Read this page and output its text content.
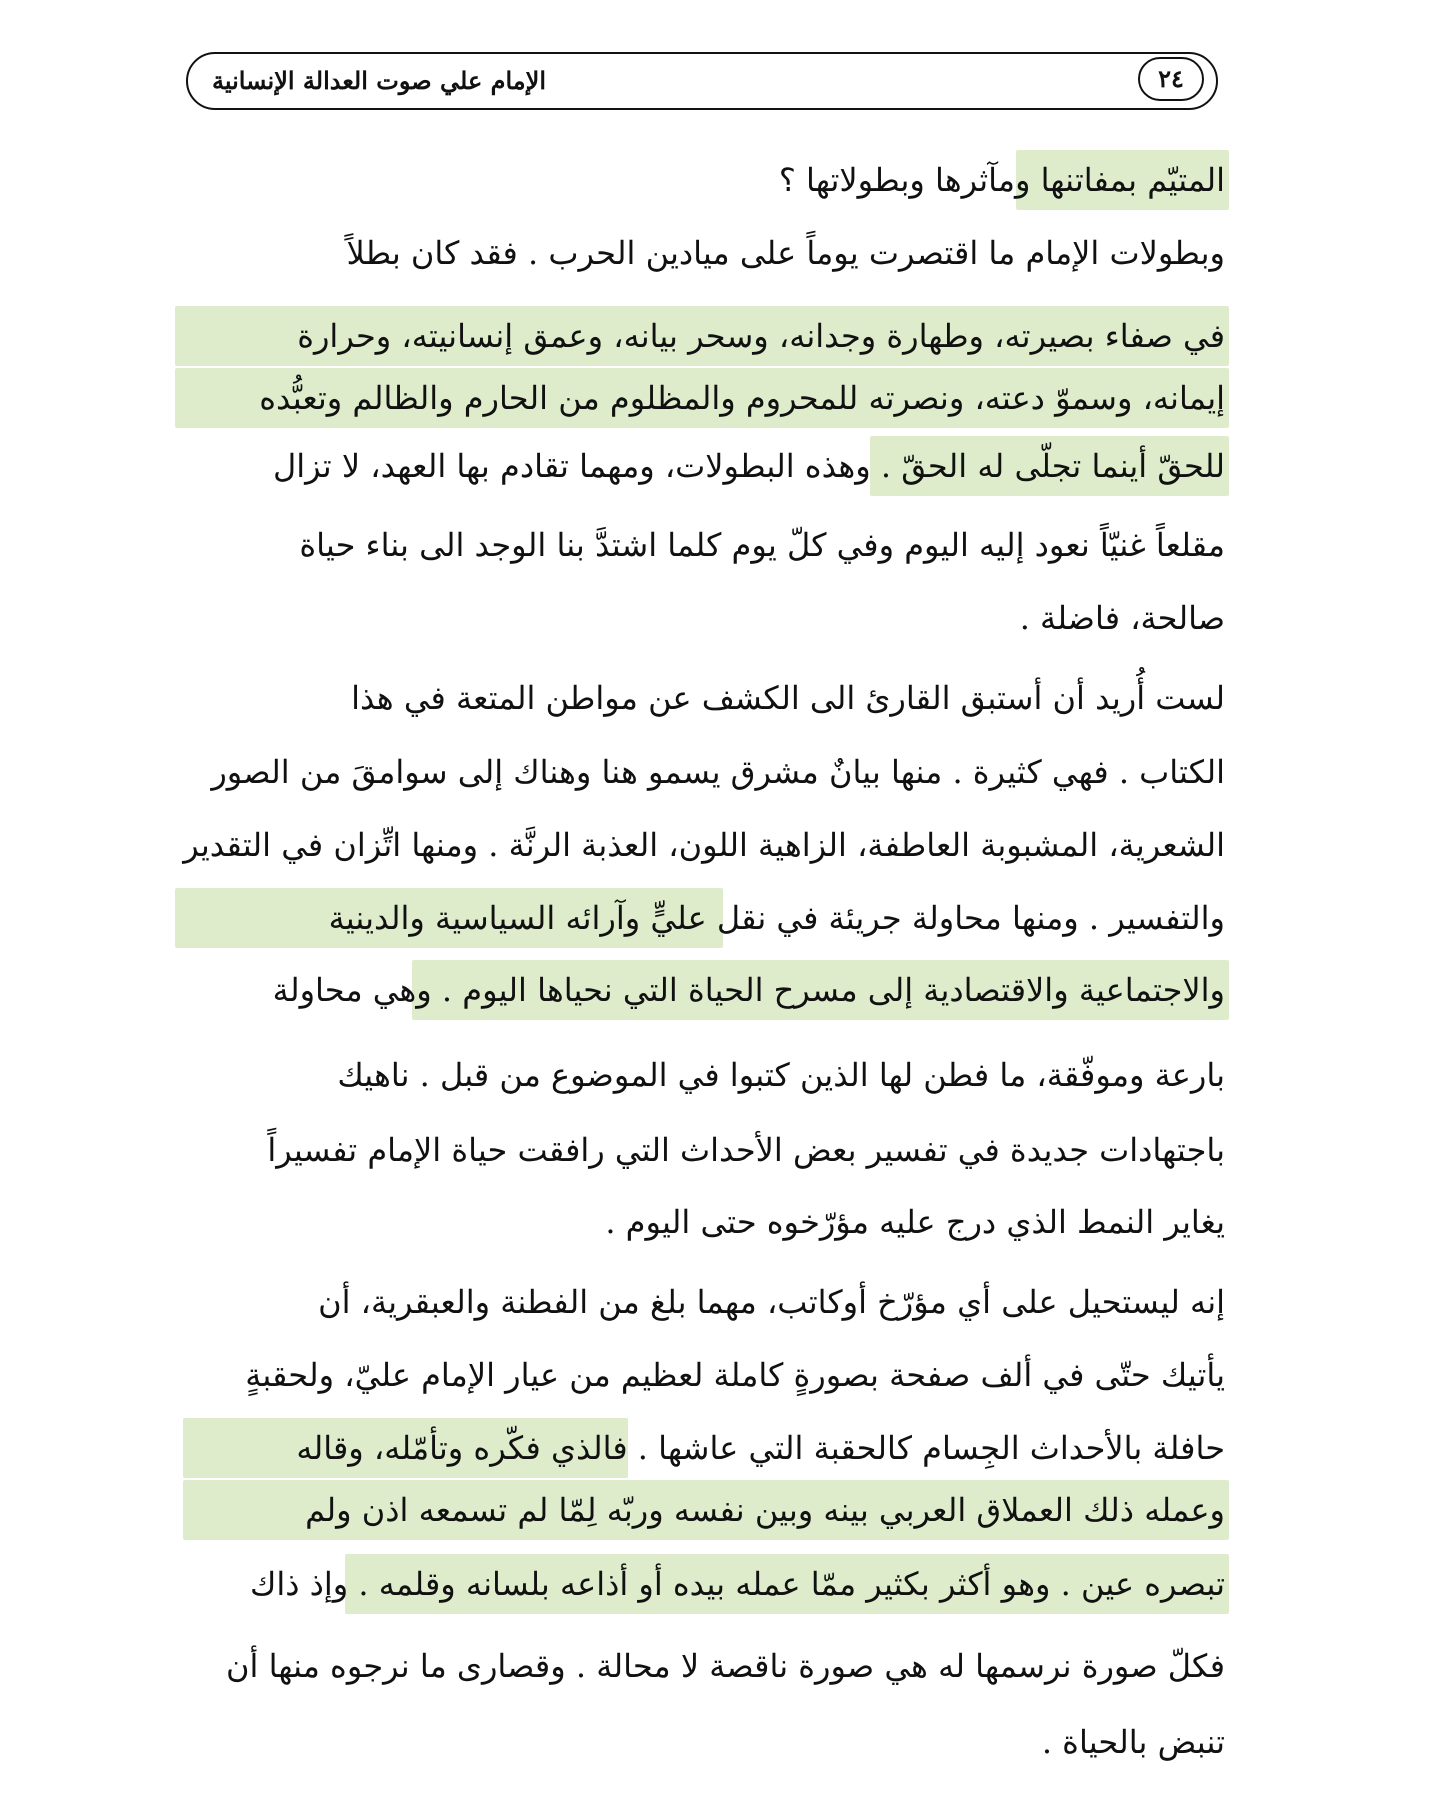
الإمام علي صوت العدالة الإنسانية	٢٤
المتيّم بمفاتنها ومآثرها وبطولاتها ؟
وبطولات الإمام ما اقتصرت يوماً على ميادين الحرب . فقد كان بطلاً
في صفاء بصيرته، وطهارة وجدانه، وسحر بيانه، وعمق إنسانيته، وحرارة
إيمانه، وسموّ دعته، ونصرته للمحروم والمظلوم من الحارم والظالم وتعبُّده
للحقّ أينما تجلّى له الحقّ . وهذه البطولات، ومهما تقادم بها العهد، لا تزال
مقلعاً غنيّاً نعود إليه اليوم وفي كلّ يوم كلما اشتدَّ بنا الوجد الى بناء حياة
صالحة، فاضلة .
لست أُريد أن أستبق القارئ الى الكشف عن مواطن المتعة في هذا
الكتاب . فهي كثيرة . منها بيانٌ مشرق يسمو هنا وهناك إلى سوامقَ من الصور
الشعرية، المشبوبة العاطفة، الزاهية اللون، العذبة الرنَّة . ومنها اتِّزان في التقدير
والتفسير . ومنها محاولة جريئة في نقل عليٍّ وآرائه السياسية والدينية
والاجتماعية والاقتصادية إلى مسرح الحياة التي نحياها اليوم . وهي محاولة
بارعة وموفّقة، ما فطن لها الذين كتبوا في الموضوع من قبل . ناهيك
باجتهادات جديدة في تفسير بعض الأحداث التي رافقت حياة الإمام تفسيراً
يغاير النمط الذي درج عليه مؤرّخوه حتى اليوم .
إنه ليستحيل على أي مؤرّخ أوكاتب، مهما بلغ من الفطنة والعبقرية، أن
يأتيك حتّى في ألف صفحة بصورةٍ كاملة لعظيم من عيار الإمام عليّ، ولحقبةٍ
حافلة بالأحداث الجِسام كالحقبة التي عاشها . فالذي فكّره وتأمّله، وقاله
وعمله ذلك العملاق العربي بينه وبين نفسه وربّه لِمّا لم تسمعه اذن ولم
تبصره عين . وهو أكثر بكثير ممّا عمله بيده أو أذاعه بلسانه وقلمه . وإذ ذاك
فكلّ صورة نرسمها له هي صورة ناقصة لا محالة . وقصارى ما نرجوه منها أن
تنبض بالحياة .
